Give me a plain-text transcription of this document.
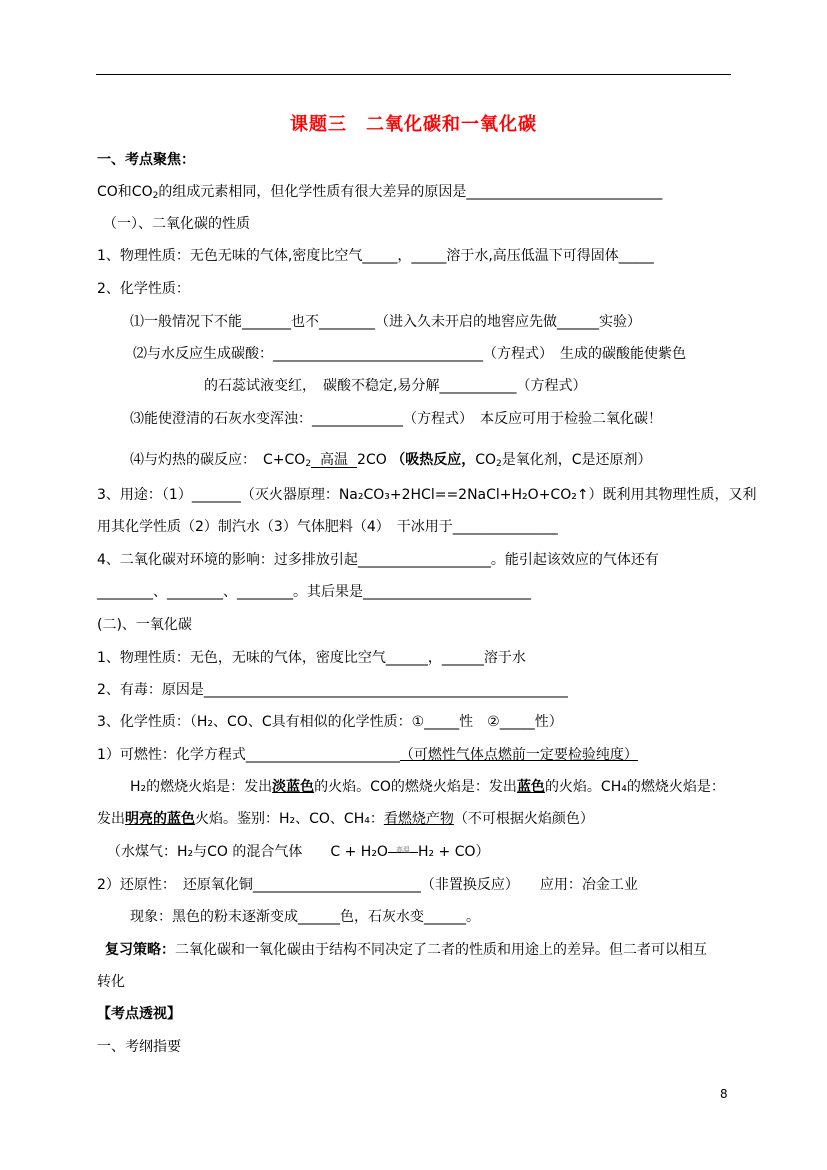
课题三　二氧化碳和一氧化碳
一、考点聚焦：
CO和$CO_2$的组成元素相同，但化学性质有很大差异的原因是____________________________
（一）、二氧化碳的性质
1、物理性质：无色无味的气体,密度比空气_____，_____溶于水,高压低温下可得固体_____
2、化学性质：
⑴一般情况下不能_______也不________（进入久未开启的地窖应先做______实验）
⑵与水反应生成碳酸：______________________________（方程式）　生成的碳酸能使紫色
的石蕊试液变红，　碳酸不稳定,易分解___________（方程式）
⑶能使澄清的石灰水变浑浊：_____________（方程式）　本反应可用于检验二氧化碳！
⑷与灼热的碳反应：　$C+CO_2$ 高温 2CO （吸热反应，$CO_2$是氧化剂，C是还原剂）
3、用途：（1）_______（灭火器原理：Na₂CO₃+2HCl==2NaCl+H₂O+CO₂↑）既利用其物理性质，又利
用其化学性质（2）制汽水（3）气体肥料（4）　干冰用于_______________
4、二氧化碳对环境的影响：过多排放引起___________________。能引起该效应的气体还有
________、________、________。其后果是________________________
(二)、一氧化碳
1、物理性质：无色，无味的气体，密度比空气______，______溶于水
2、有毒：原因是____________________________________________________
3、化学性质：（H₂、CO、C具有相似的化学性质：①_____性　②_____性）
1）可燃性：化学方程式______________________（可燃性气体点燃前一定要检验纯度）
H₂的燃烧火焰是：发出淡蓝色的火焰。CO的燃烧火焰是：发出蓝色的火焰。CH₄的燃烧火焰是：
发出明亮的蓝色火焰。鉴别：H₂、CO、CH₄：看燃烧产物（不可根据火焰颜色）
（水煤气：H₂与CO 的混合气体　　C + H₂O	高温 H₂ + CO）
2）还原性：　还原氧化铜________________________（非置换反应）　　应用：冶金工业
现象：黑色的粉末逐渐变成______色，石灰水变______。
复习策略：二氧化碳和一氧化碳由于结构不同决定了二者的性质和用途上的差异。但二者可以相互
转化
【考点透视】
一、考纲指要
8
